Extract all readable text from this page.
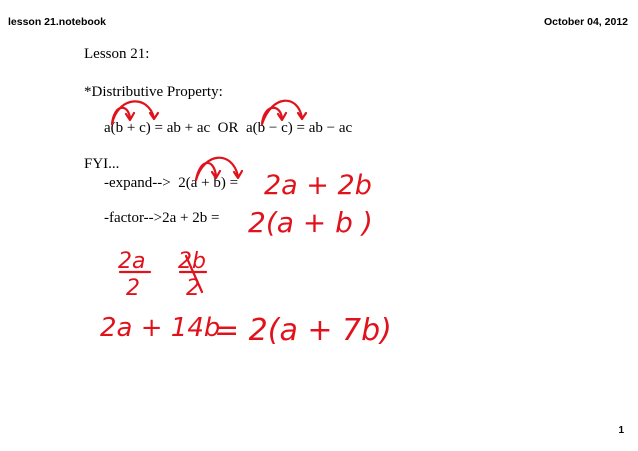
lesson 21.notebook	October 04, 2012
Lesson 21:
*Distributive Property:
a(b + c) = ab + ac  OR  a(b − c) = ab − ac
FYI...
-expand-->  2(a + b) =
-factor-->2a + 2b =
2a + 2b
2(a + b )
2a
2
2b
2
2a + 14b
= 2(a + 7b)
1
